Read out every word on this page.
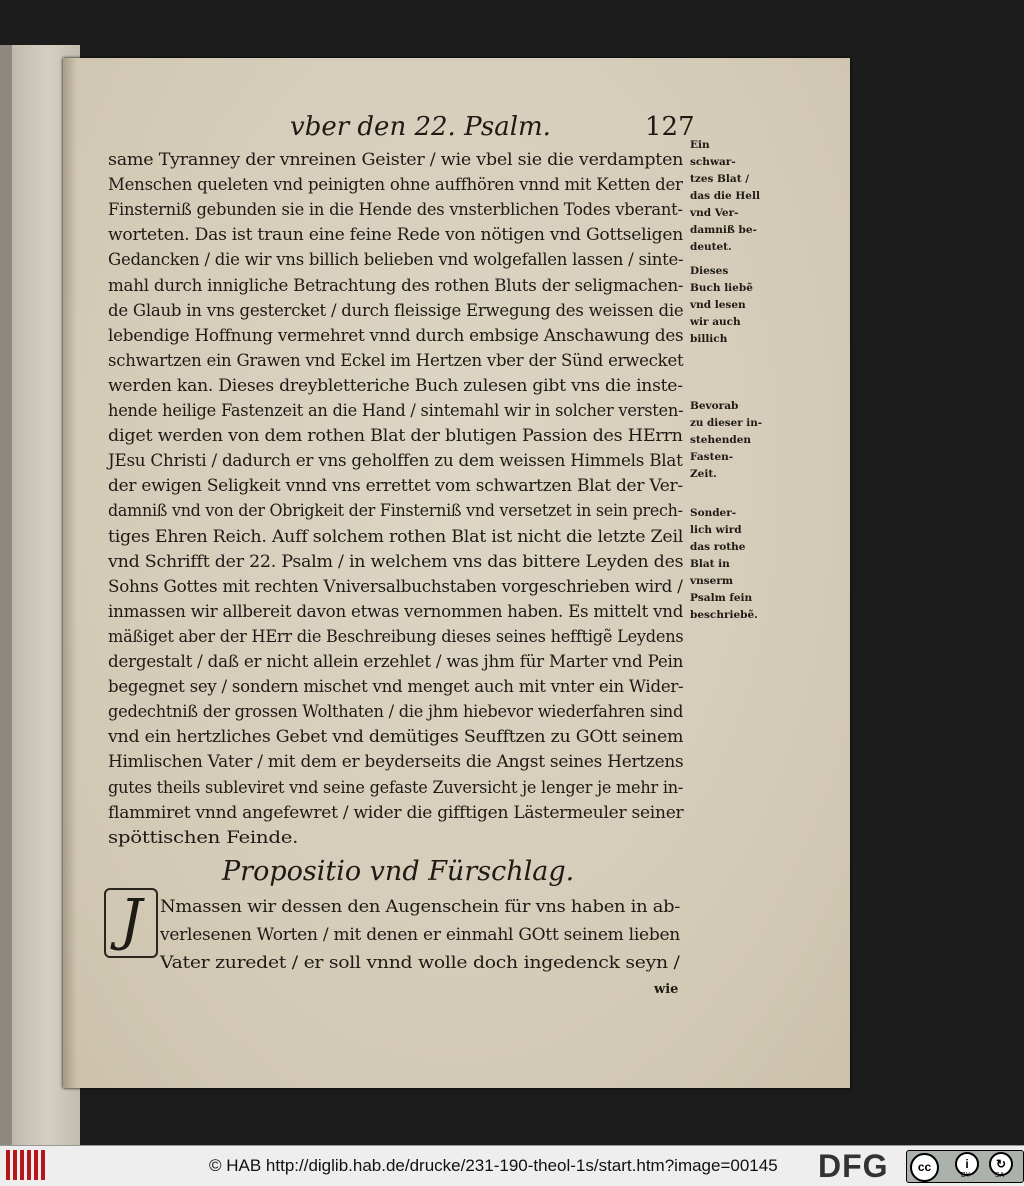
vber den 22. Psalm.	127
same Tyranney der vnreinen Geister / wie vbel sie die verdampten
Menschen queleten vnd peinigten ohne auffhören vnnd mit Ketten der
Finsterniß gebunden sie in die Hende des vnsterblichen Todes vberant-
worteten. Das ist traun eine feine Rede von nötigen vnd Gottseligen
Gedancken / die wir vns billich belieben vnd wolgefallen lassen / sinte-
mahl durch innigliche Betrachtung des rothen Bluts der seligmachen-
de Glaub in vns gestercket / durch fleissige Erwegung des weissen die
lebendige Hoffnung vermehret vnnd durch embsige Anschawung des
schwartzen ein Grawen vnd Eckel im Hertzen vber der Sünd erwecket
werden kan. Dieses dreybletteriche Buch zulesen gibt vns die inste-
hende heilige Fastenzeit an die Hand / sintemahl wir in solcher versten-
diget werden von dem rothen Blat der blutigen Passion des HErrn
JEsu Christi / dadurch er vns geholffen zu dem weissen Himmels Blat
der ewigen Seligkeit vnnd vns errettet vom schwartzen Blat der Ver-
damniß vnd von der Obrigkeit der Finsterniß vnd versetzet in sein prech-
tiges Ehren Reich. Auff solchem rothen Blat ist nicht die letzte Zeil
vnd Schrifft der 22. Psalm / in welchem vns das bittere Leyden des
Sohns Gottes mit rechten Vniversalbuchstaben vorgeschrieben wird /
inmassen wir allbereit davon etwas vernommen haben. Es mittelt vnd
mäßiget aber der HErr die Beschreibung dieses seines hefftigẽ Leydens
dergestalt / daß er nicht allein erzehlet / was jhm für Marter vnd Pein
begegnet sey / sondern mischet vnd menget auch mit vnter ein Wider-
gedechtniß der grossen Wolthaten / die jhm hiebevor wiederfahren sind
vnd ein hertzliches Gebet vnd demütiges Seufftzen zu GOtt seinem
Himlischen Vater / mit dem er beyderseits die Angst seines Hertzens
gutes theils subleviret vnd seine gefaste Zuversicht je lenger je mehr in-
flammiret vnnd angefewret / wider die gifftigen Lästermeuler seiner
spöttischen Feinde.
Ein
schwar-
tzes Blat /
das die Hell
vnd Ver-
damniß be-
deutet.
Dieses
Buch liebẽ
vnd lesen
wir auch
billich
Bevorab
zu dieser in-
stehenden
Fasten-
Zeit.
Sonder-
lich wird
das rothe
Blat in
vnserm
Psalm fein
beschriebẽ.
Propositio vnd Fürschlag.
J	Nmassen wir dessen den Augenschein für vns haben in ab-
verlesenen Worten / mit denen er einmahl GOtt seinem lieben
Vater zuredet / er soll vnnd wolle doch ingedenck seyn /
wie
© HAB http://diglib.hab.de/drucke/231-190-theol-1s/start.htm?image=00145 DFG	cc	i
BY
↻
SA
